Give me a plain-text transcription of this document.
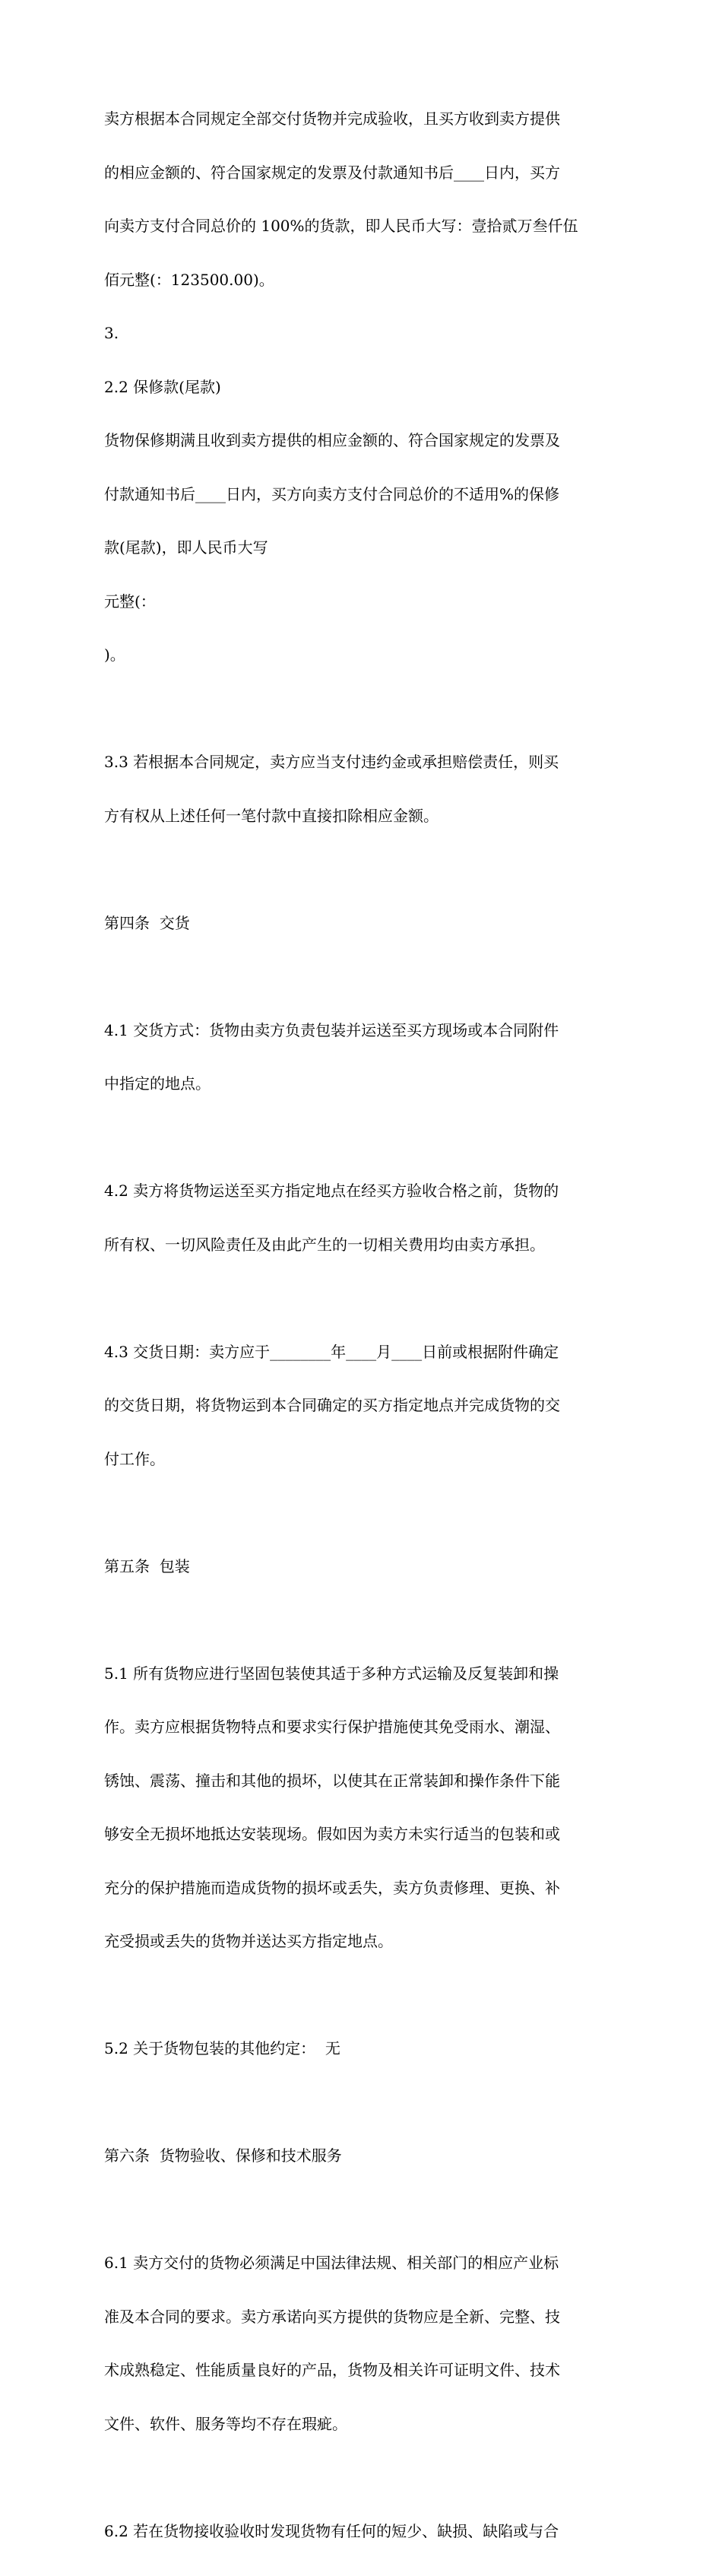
卖方根据本合同规定全部交付货物并完成验收，且买方收到卖方提供

的相应金额的、符合国家规定的发票及付款通知书后____日内，买方

向卖方支付合同总价的 100%的货款，即人民币大写：壹拾贰万叁仟伍

佰元整(：123500.00)。

3.

2.2 保修款(尾款)

货物保修期满且收到卖方提供的相应金额的、符合国家规定的发票及

付款通知书后____日内，买方向卖方支付合同总价的不适用%的保修

款(尾款)，即人民币大写

元整(：

)。

3.3 若根据本合同规定，卖方应当支付违约金或承担赔偿责任，则买

方有权从上述任何一笔付款中直接扣除相应金额。

第四条  交货

4.1 交货方式：货物由卖方负责包装并运送至买方现场或本合同附件

中指定的地点。

4.2 卖方将货物运送至买方指定地点在经买方验收合格之前，货物的

所有权、一切风险责任及由此产生的一切相关费用均由卖方承担。

4.3 交货日期：卖方应于________年____月____日前或根据附件确定

的交货日期，将货物运到本合同确定的买方指定地点并完成货物的交

付工作。

第五条  包装

5.1 所有货物应进行坚固包装使其适于多种方式运输及反复装卸和操

作。卖方应根据货物特点和要求实行保护措施使其免受雨水、潮湿、

锈蚀、震荡、撞击和其他的损坏，以使其在正常装卸和操作条件下能

够安全无损坏地抵达安装现场。假如因为卖方未实行适当的包装和或

充分的保护措施而造成货物的损坏或丢失，卖方负责修理、更换、补

充受损或丢失的货物并送达买方指定地点。

5.2 关于货物包装的其他约定：  无

第六条  货物验收、保修和技术服务

6.1 卖方交付的货物必须满足中国法律法规、相关部门的相应产业标

准及本合同的要求。卖方承诺向买方提供的货物应是全新、完整、技

术成熟稳定、性能质量良好的产品，货物及相关许可证明文件、技术

文件、软件、服务等均不存在瑕疵。

6.2 若在货物接收验收时发现货物有任何的短少、缺损、缺陷或与合
